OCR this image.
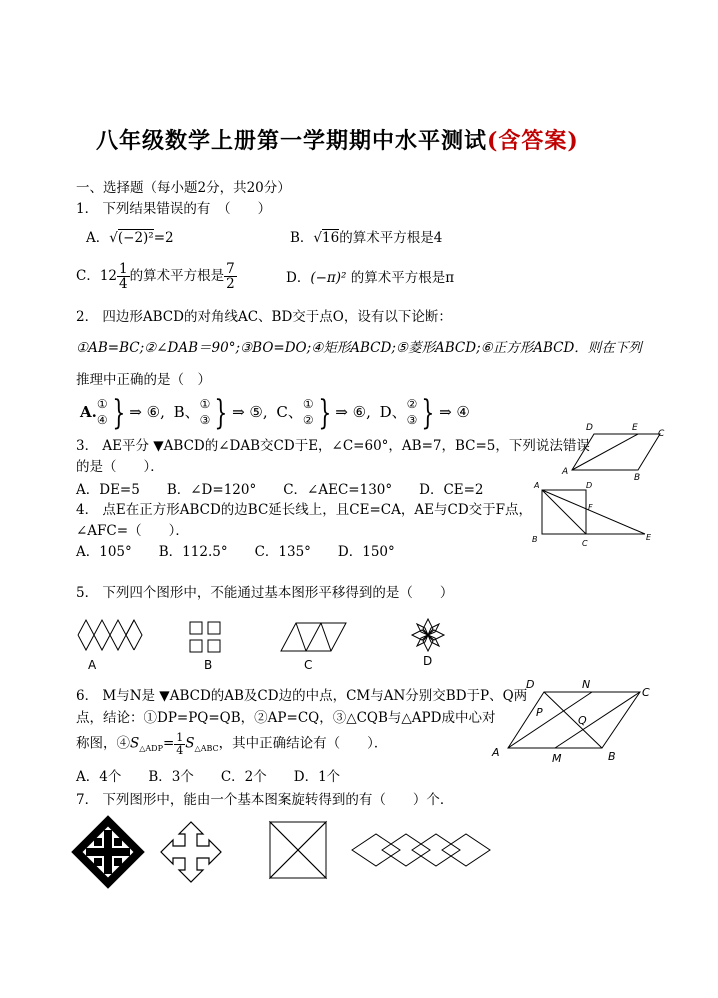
八年级数学上册第一学期期中水平测试(含答案)
一、选择题（每小题2分，共20分）
1． 下列结果错误的有　（　　）
A．√(−2)²=2	B．√16的算术平方根是4
C．$12 \frac{1}{4}$ 的算术平方根是 $\frac{7}{2}$	D．(−π)² 的算术平方根是π
2． 四边形ABCD的对角线AC、BD交于点O，设有以下论断：
①AB=BC;②∠DAB＝90°;③BO=DO;④矩形ABCD;⑤菱形ABCD;⑥正方形ABCD．则在下列
推理中正确的是（　）
A. ①
④ } ⇒ ⑥, B、 ①
③ } ⇒ ⑤, C、 ①
② } ⇒ ⑥, D、 ②
③ } ⇒ ④
3． AE平分 ▼ABCD的∠DAB交CD于E，∠C=60°，AB=7，BC=5，下列说法错误
的是（　　）．
A．DE=5　　B．∠D=120°　　C．∠AEC=130°　　D．CE=2
D	E
C
A
B
4． 点E在正方形ABCD的边BC延长线上，且CE=CA，AE与CD交于F点，
∠AFC=（　　）．
A．105°　　B．112.5°　　C．135°　　D．150°
A	D
F
B	C
E
5． 下列四个图形中，不能通过基本图形平移得到的是（　　）
A	B	C	D
6． M与N是 ▼ABCD的AB及CD边的中点，CM与AN分别交BD于P、Q两
点，结论：①DP=PQ=QB，②AP=CQ，③△CQB与△APD成中心对
称图，$④S_{\triangle ADP}= \frac{1}{4} S_{\triangle ABC}$，其中正确结论有（　　）．
A．4个　　B．3个　　C．2个　　D．1个
D	N
C
P
Q
A	M	B
7． 下列图形中，能由一个基本图案旋转得到的有（　　）个．
